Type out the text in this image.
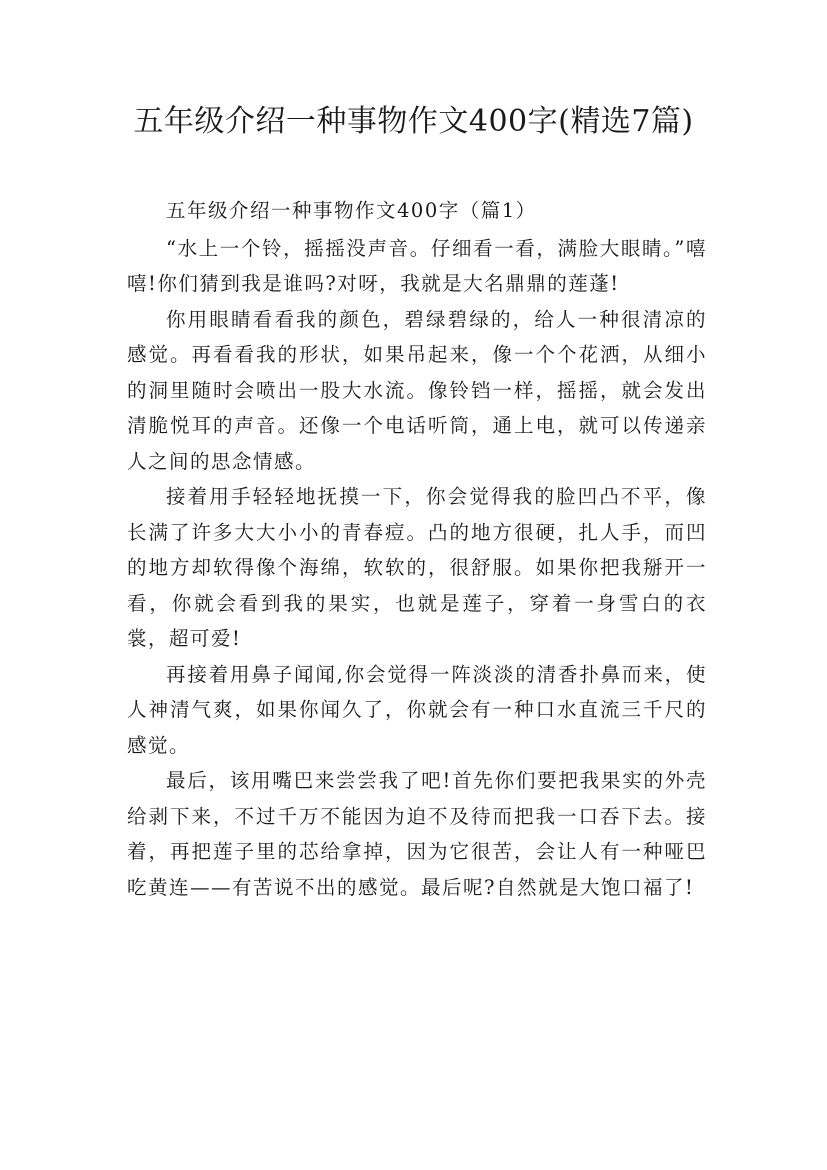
五年级介绍一种事物作文400字(精选7篇)

五年级介绍一种事物作文400字（篇1）

“水上一个铃，摇摇没声音。仔细看一看，满脸大眼睛。”嘻嘻!你们猜到我是谁吗?对呀，我就是大名鼎鼎的莲蓬!

你用眼睛看看我的颜色，碧绿碧绿的，给人一种很清凉的感觉。再看看我的形状，如果吊起来，像一个个花洒，从细小的洞里随时会喷出一股大水流。像铃铛一样，摇摇，就会发出清脆悦耳的声音。还像一个电话听筒，通上电，就可以传递亲人之间的思念情感。

接着用手轻轻地抚摸一下，你会觉得我的脸凹凸不平，像长满了许多大大小小的青春痘。凸的地方很硬，扎人手，而凹的地方却软得像个海绵，软软的，很舒服。如果你把我掰开一看，你就会看到我的果实，也就是莲子，穿着一身雪白的衣裳，超可爱!

再接着用鼻子闻闻,你会觉得一阵淡淡的清香扑鼻而来，使人神清气爽，如果你闻久了，你就会有一种口水直流三千尺的感觉。

最后，该用嘴巴来尝尝我了吧!首先你们要把我果实的外壳给剥下来，不过千万不能因为迫不及待而把我一口吞下去。接着，再把莲子里的芯给拿掉，因为它很苦，会让人有一种哑巴吃黄连——有苦说不出的感觉。最后呢?自然就是大饱口福了!
